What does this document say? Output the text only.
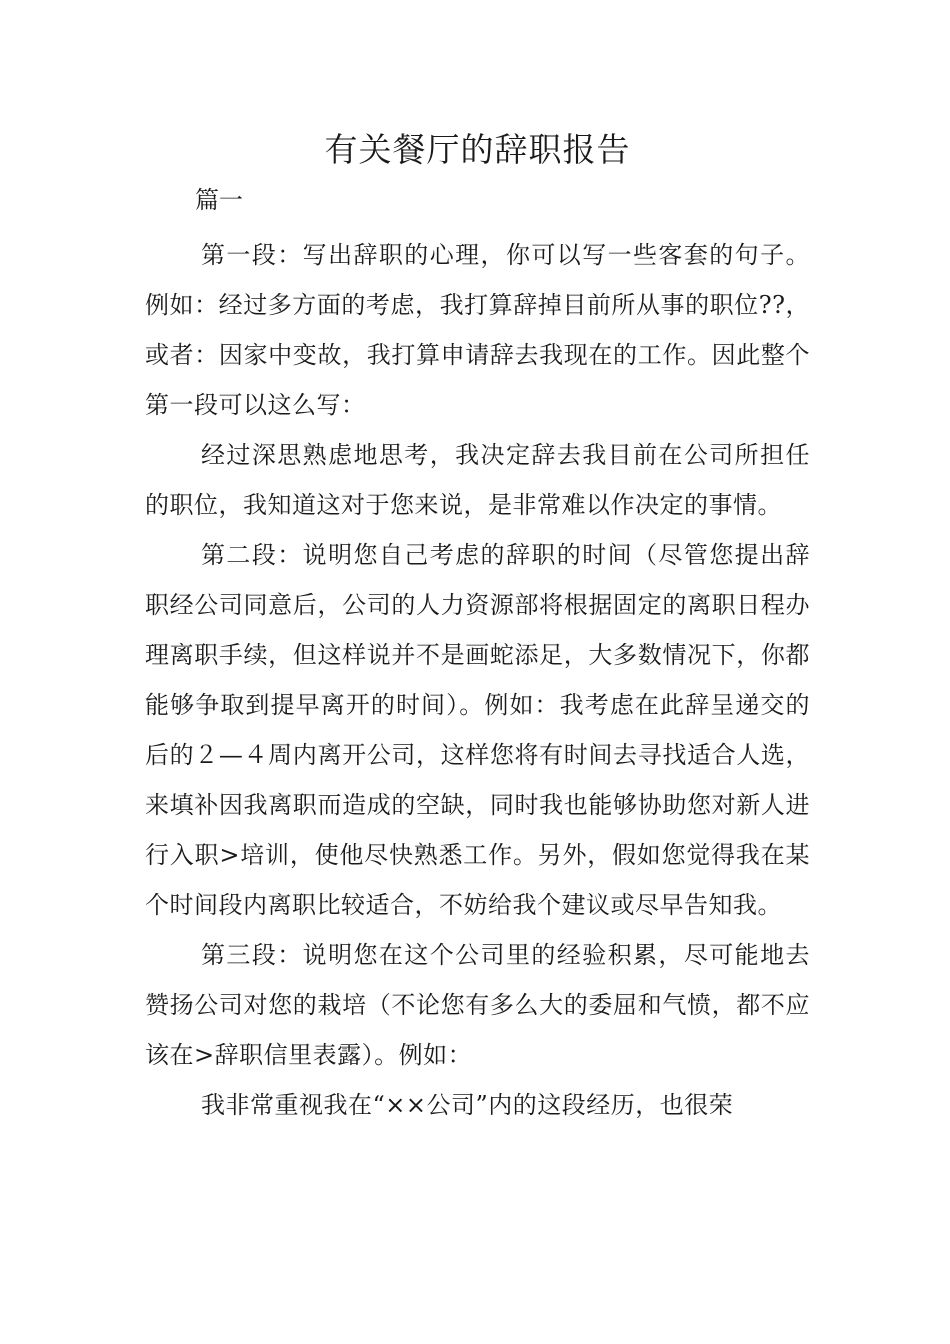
有关餐厅的辞职报告

篇一

第一段：写出辞职的心理，你可以写一些客套的句子。例如：经过多方面的考虑，我打算辞掉目前所从事的职位??，或者：因家中变故，我打算申请辞去我现在的工作。因此整个第一段可以这么写：

经过深思熟虑地思考，我决定辞去我目前在公司所担任的职位，我知道这对于您来说，是非常难以作决定的事情。

第二段：说明您自己考虑的辞职的时间（尽管您提出辞职经公司同意后，公司的人力资源部将根据固定的离职日程办理离职手续，但这样说并不是画蛇添足，大多数情况下，你都能够争取到提早离开的时间）。例如：我考虑在此辞呈递交的后的２—４周内离开公司，这样您将有时间去寻找适合人选，来填补因我离职而造成的空缺，同时我也能够协助您对新人进行入职>培训，使他尽快熟悉工作。另外，假如您觉得我在某个时间段内离职比较适合，不妨给我个建议或尽早告知我。

第三段：说明您在这个公司里的经验积累，尽可能地去赞扬公司对您的栽培（不论您有多么大的委屈和气愤，都不应该在>辞职信里表露）。例如：

我非常重视我在“××公司”内的这段经历，也很荣
